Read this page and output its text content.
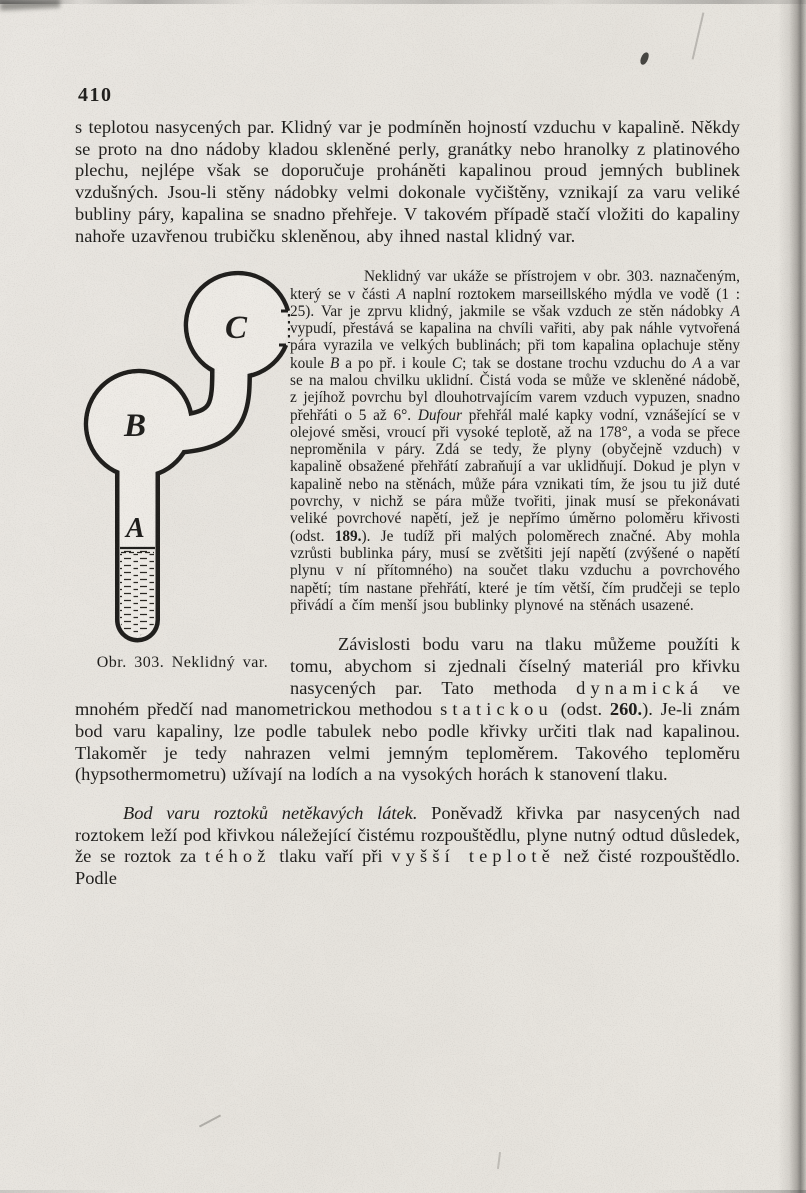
410
s teplotou nasycených par. Klidný var je podmíněn hojností vzduchu v kapalině. Někdy se proto na dno nádoby kladou skleněné perly, granátky nebo hranolky z platinového plechu, nejlépe však se doporučuje proháněti kapalinou proud jemných bublinek vzdušných. Jsou-li stěny nádobky velmi dokonale vyčištěny, vznikají za varu veliké bubliny páry, kapalina se snadno přehřeje. V takovém případě stačí vložiti do kapaliny nahoře uzavřenou trubičku skleněnou, aby ihned nastal klidný var.
C
B
A
Obr. 303. Neklidný var.
Neklidný var ukáže se přístrojem v obr. 303. naznačeným, který se v části A naplní roztokem marseillského mýdla ve vodě (1 : 25). Var je zprvu klidný, jakmile se však vzduch ze stěn nádobky A vypudí, přestává se kapalina na chvíli vařiti, aby pak náhle vytvořená pára vyrazila ve velkých bublinách; při tom kapalina oplachuje stěny koule B a po př. i koule C; tak se dostane trochu vzduchu do A a var se na malou chvilku uklidní. Čistá voda se může ve skleněné nádobě, z jejíhož povrchu byl dlouhotrvajícím varem vzduch vypuzen, snadno přehřáti o 5 až 6°. Dufour přehřál malé kapky vodní, vznášející se v olejové směsi, vroucí při vysoké teplotě, až na 178°, a voda se přece neproměnila v páry. Zdá se tedy, že plyny (obyčejně vzduch) v kapalině obsažené přehřátí zabraňují a var uklidňují. Dokud je plyn v kapalině nebo na stěnách, může pára vznikati tím, že jsou tu již duté povrchy, v nichž se pára může tvořiti, jinak musí se překonávati veliké povrchové napětí, jež je nepřímo úměrno poloměru křivosti (odst. 189.). Je tudíž při malých poloměrech značné. Aby mohla vzrůsti bublinka páry, musí se zvětšiti její napětí (zvýšené o napětí plynu v ní přítomného) na součet tlaku vzduchu a povrchového napětí; tím nastane přehřátí, které je tím větší, čím prudčeji se teplo přivádí a čím menší jsou bublinky plynové na stěnách usazené.
Závislosti bodu varu na tlaku můžeme použíti k tomu, abychom si zjednali číselný materiál pro křivku nasycených par. Tato methoda dynamická ve mnohém předčí nad manometrickou methodou statickou (odst. 260.). Je-li znám bod varu kapaliny, lze podle tabulek nebo podle křivky určiti tlak nad kapalinou. Tlakoměr je tedy nahrazen velmi jemným teploměrem. Takového teploměru (hypsothermometru) užívají na lodích a na vysokých horách k stanovení tlaku.
Bod varu roztoků netěkavých látek. Poněvadž křivka par nasycených nad roztokem leží pod křivkou náležející čistému rozpouštědlu, plyne nutný odtud důsledek, že se roztok za téhož tlaku vaří při vyšší teplotě než čisté rozpouštědlo. Podle
